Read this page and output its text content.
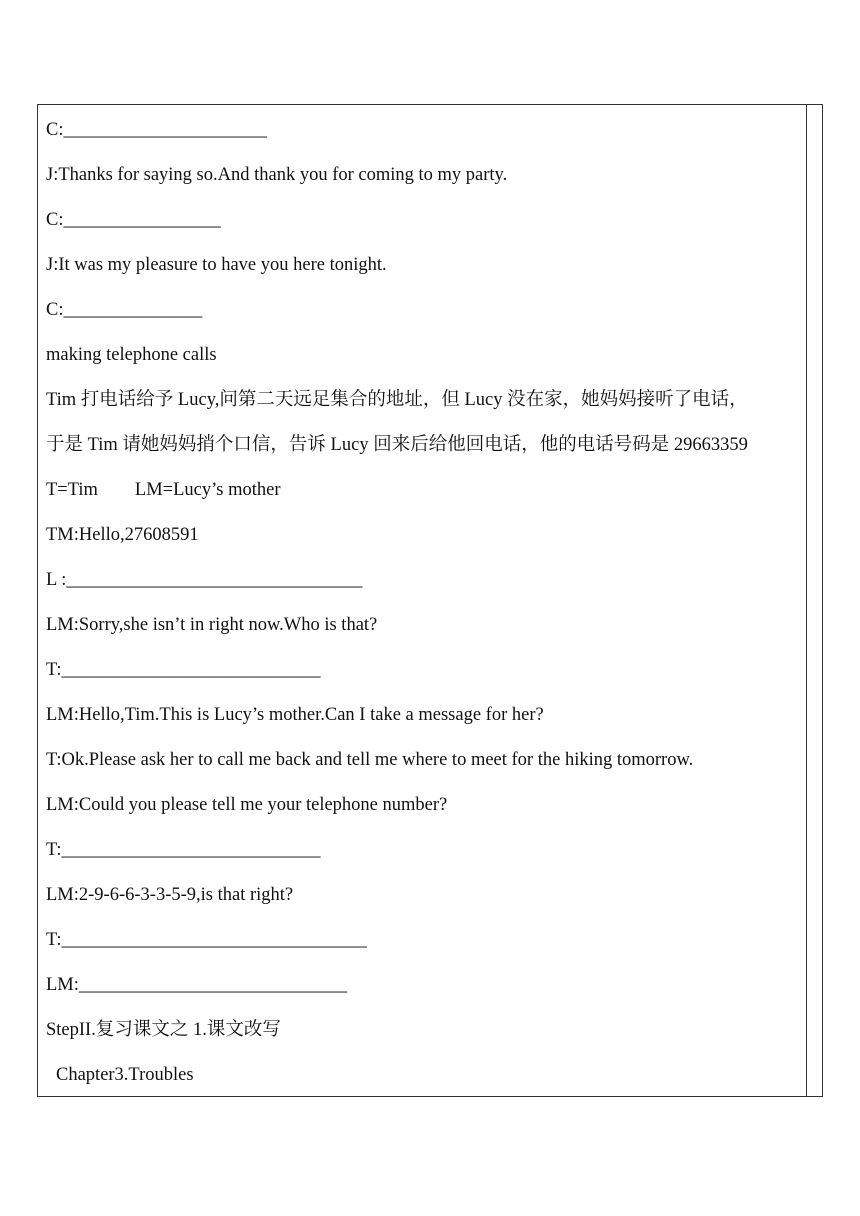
C:______________________
J:Thanks for saying so.And thank you for coming to my party.
C:_________________
J:It was my pleasure to have you here tonight.
C:_______________
making telephone calls
Tim 打电话给予 Lucy,问第二天远足集合的地址，但 Lucy 没在家，她妈妈接听了电话，
于是 Tim 请她妈妈捎个口信，告诉 Lucy 回来后给他回电话，他的电话号码是 29663359
T=Tim        LM=Lucy’s mother
TM:Hello,27608591
L :________________________________
LM:Sorry,she isn’t in right now.Who is that?
T:____________________________
LM:Hello,Tim.This is Lucy’s mother.Can I take a message for her?
T:Ok.Please ask her to call me back and tell me where to meet for the hiking tomorrow.
LM:Could you please tell me your telephone number?
T:____________________________
LM:2-9-6-6-3-3-5-9,is that right?
T:_________________________________
LM:_____________________________
StepII.复习课文之 1.课文改写
Chapter3.Troubles
